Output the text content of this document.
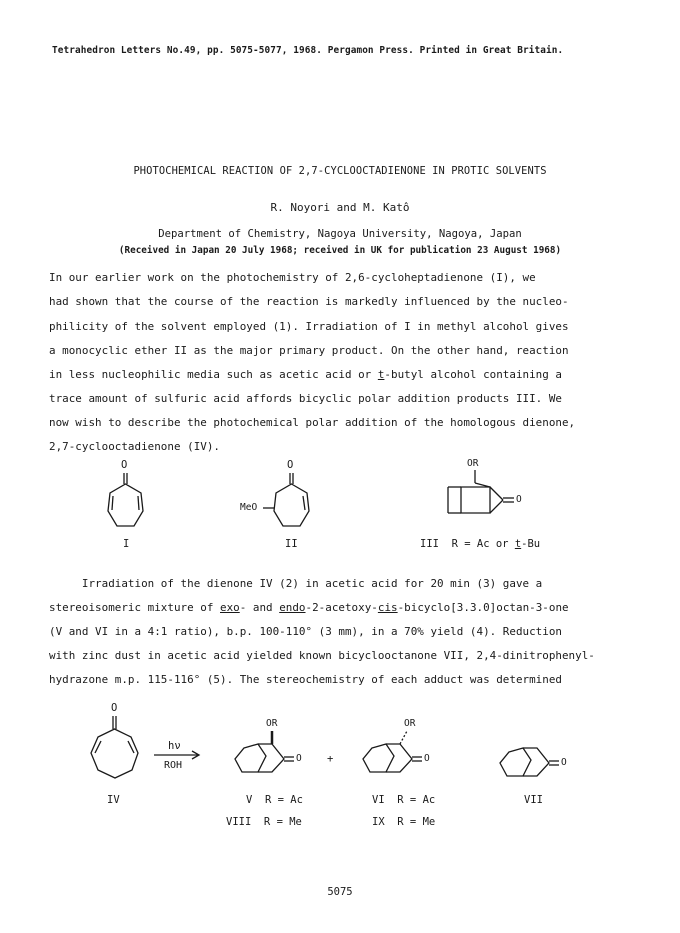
Tetrahedron Letters No.49, pp. 5075-5077, 1968. Pergamon Press. Printed in Great Britain.
PHOTOCHEMICAL REACTION OF 2,7-CYCLOOCTADIENONE IN PROTIC SOLVENTS
R. Noyori and M. Katô
Department of Chemistry, Nagoya University, Nagoya, Japan
(Received in Japan 20 July 1968; received in UK for publication 23 August 1968)
In our earlier work on the photochemistry of 2,6-cycloheptadienone (I), we
had shown that the course of the reaction is markedly influenced by the nucleo-
philicity of the solvent employed (1). Irradiation of I in methyl alcohol gives
a monocyclic ether II as the major primary product. On the other hand, reaction
in less nucleophilic media such as acetic acid or t-butyl alcohol containing a
trace amount of sulfuric acid affords bicyclic polar addition products III. We
now wish to describe the photochemical polar addition of the homologous dienone,
2,7-cyclooctadienone (IV).
O	O
MeO
OR
O
I	II	III  R = Ac or t-Bu
Irradiation of the dienone IV (2) in acetic acid for 20 min (3) gave a
stereoisomeric mixture of exo- and endo-2-acetoxy-cis-bicyclo[3.3.0]octan-3-one
(V and VI in a 4:1 ratio), b.p. 100-110° (3 mm), in a 70% yield (4). Reduction
with zinc dust in acetic acid yielded known bicyclooctanone VII, 2,4-dinitrophenyl-
hydrazone m.p. 115-116° (5). The stereochemistry of each adduct was determined
O
hν
ROH
OR
O +
OR
O	O
IV	V  R = Ac
VIII  R = Me
VI  R = Ac
IX  R = Me
VII
5075
